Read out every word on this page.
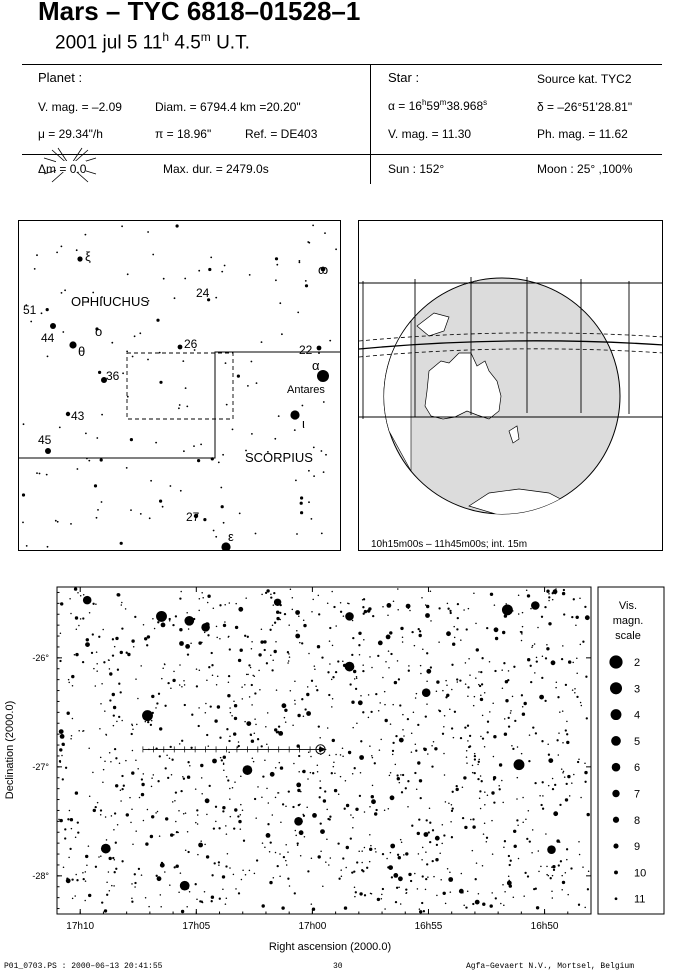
Mars – TYC 6818–01528–1
2001 jul 5 11$^h$ 4.5$^m$ U.T.
Planet :
V. mag. = –2.09	Diam. = 6794.4 km =20.20"
μ = 29.34"/h	π = 18.96"	Ref. = DE403
Star :	Source kat. TYC2
$\alpha = 16^h59^m38.968^s$	δ = –26°51'28.81"
V. mag. = 11.30	Ph. mag. = 11.62
Δm = 0.0	Max. dur. = 2479.0s	Sun : 152°	Moon : 25° ,100%
ξ
ω
24
51
OPHIUCHUS
44	o
θ	26	22
α
Antares
36
43	ι
45
SCORPIUS
27
ε
10h15m00s – 11h45m00s; int. 15m
17h10	17h05	17h00	16h55	16h50
-26°
-27°
-28°
Right ascension (2000.0)
Declination (2000.0)
Vis.
magn.
scale
2
3
4
5
6
7
8
9
10
11
P01_0703.PS : 2000–06–13 20:41:55	30	Agfa–Gevaert N.V., Mortsel, Belgium
